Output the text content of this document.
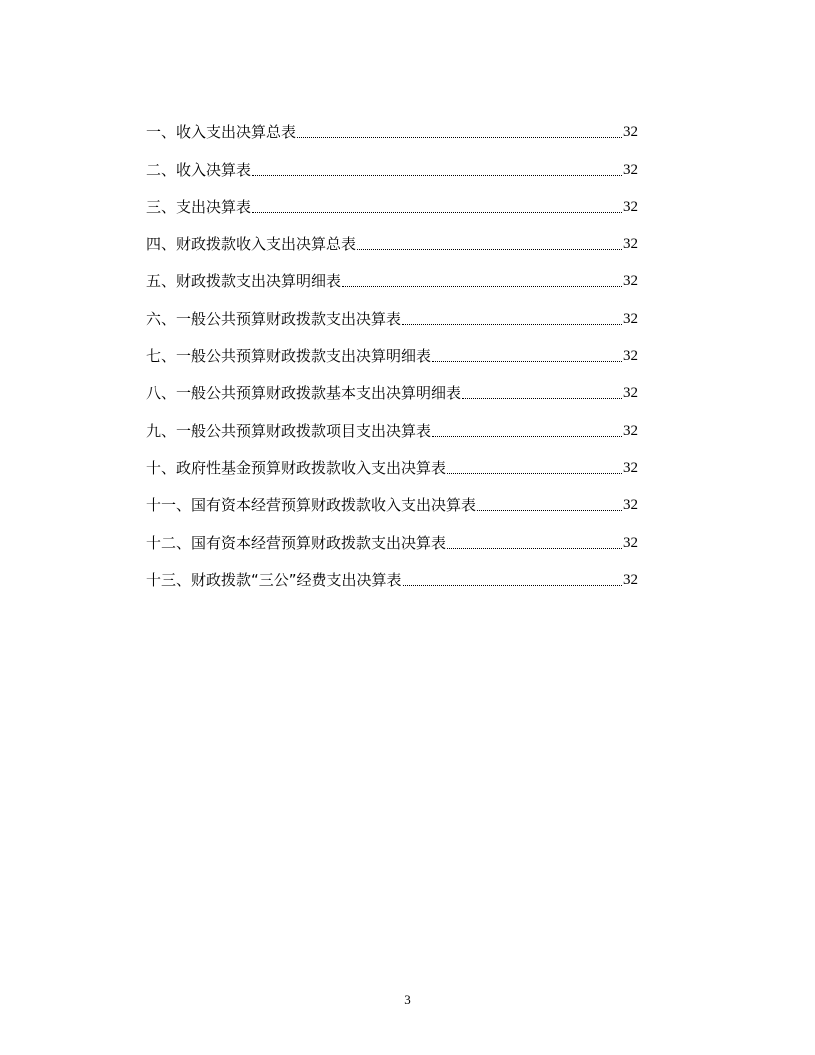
一、收入支出决算总表	32
二、收入决算表	32
三、支出决算表	32
四、财政拨款收入支出决算总表	32
五、财政拨款支出决算明细表	32
六、一般公共预算财政拨款支出决算表	32
七、一般公共预算财政拨款支出决算明细表	32
八、一般公共预算财政拨款基本支出决算明细表	32
九、一般公共预算财政拨款项目支出决算表	32
十、政府性基金预算财政拨款收入支出决算表	32
十一、国有资本经营预算财政拨款收入支出决算表	32
十二、国有资本经营预算财政拨款支出决算表	32
十三、财政拨款“三公”经费支出决算表	32
3
